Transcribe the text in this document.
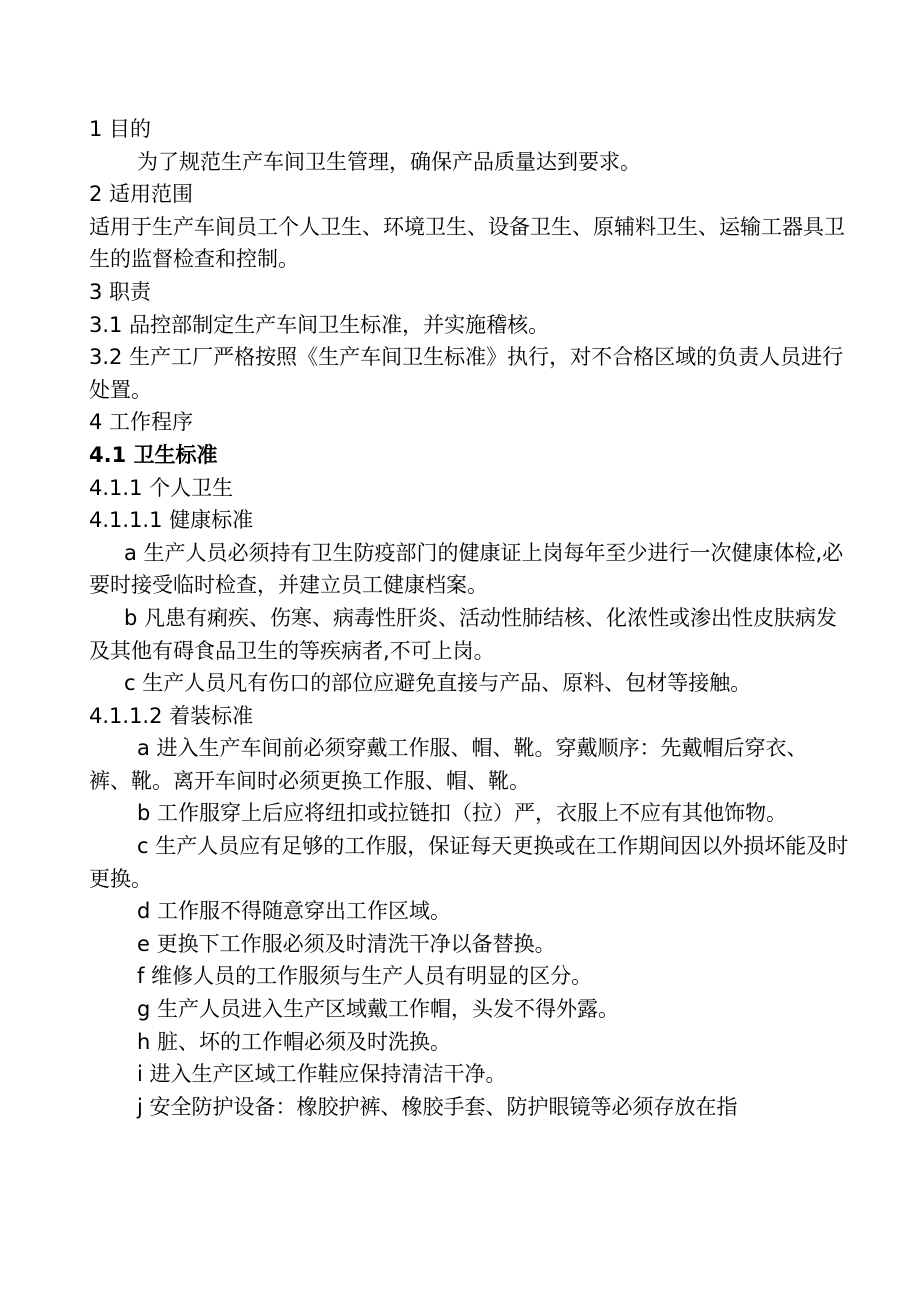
1 目的

为了规范生产车间卫生管理，确保产品质量达到要求。

2 适用范围

适用于生产车间员工个人卫生、环境卫生、设备卫生、原辅料卫生、运输工器具卫生的监督检查和控制。

3 职责

3.1 品控部制定生产车间卫生标准，并实施稽核。

3.2 生产工厂严格按照《生产车间卫生标准》执行，对不合格区域的负责人员进行处置。

4 工作程序

4.1 卫生标准

4.1.1 个人卫生

4.1.1.1 健康标准

a 生产人员必须持有卫生防疫部门的健康证上岗每年至少进行一次健康体检,必要时接受临时检查，并建立员工健康档案。

b 凡患有痢疾、伤寒、病毒性肝炎、活动性肺结核、化浓性或渗出性皮肤病发及其他有碍食品卫生的等疾病者,不可上岗。

c 生产人员凡有伤口的部位应避免直接与产品、原料、包材等接触。

4.1.1.2 着装标准

a 进入生产车间前必须穿戴工作服、帽、靴。穿戴顺序：先戴帽后穿衣、裤、靴。离开车间时必须更换工作服、帽、靴。

b 工作服穿上后应将纽扣或拉链扣（拉）严，衣服上不应有其他饰物。

c 生产人员应有足够的工作服，保证每天更换或在工作期间因以外损坏能及时更换。

d 工作服不得随意穿出工作区域。

e 更换下工作服必须及时清洗干净以备替换。

f 维修人员的工作服须与生产人员有明显的区分。

g 生产人员进入生产区域戴工作帽，头发不得外露。

h 脏、坏的工作帽必须及时洗换。

i 进入生产区域工作鞋应保持清洁干净。

j 安全防护设备：橡胶护裤、橡胶手套、防护眼镜等必须存放在指
